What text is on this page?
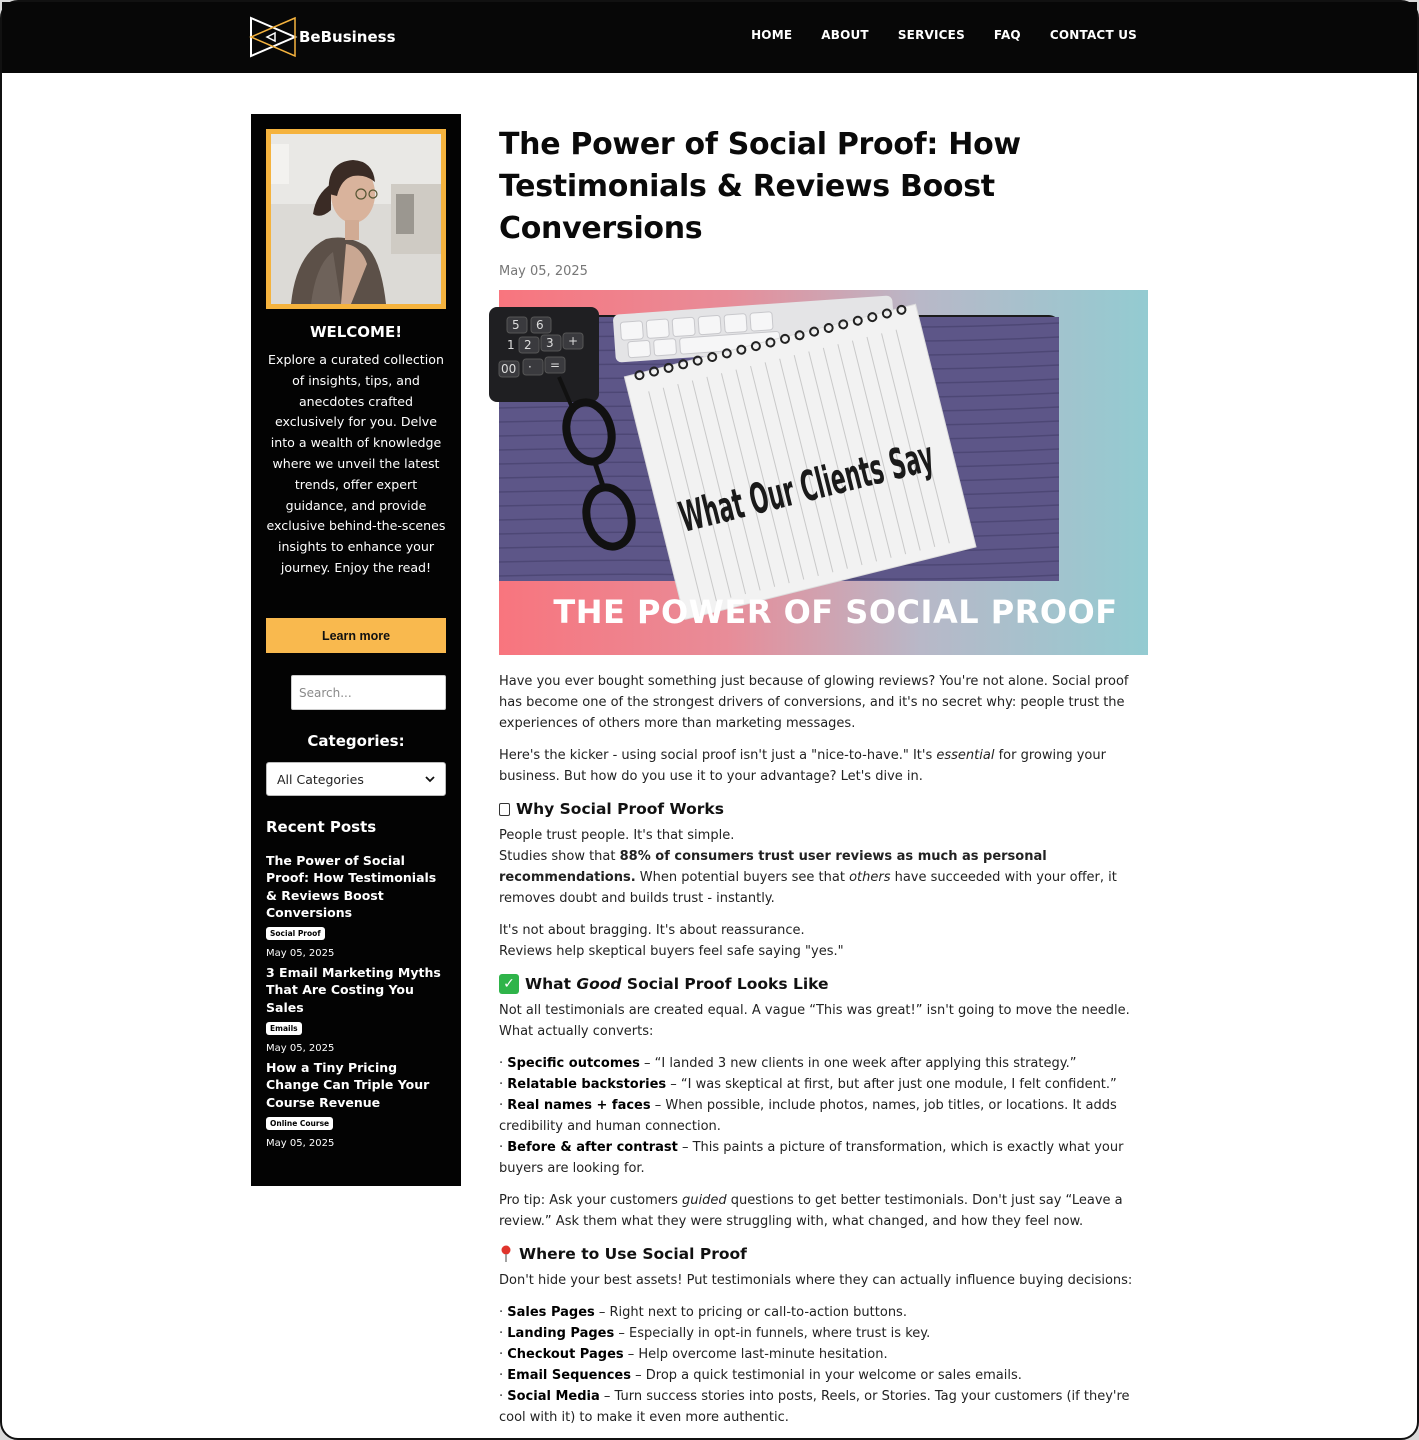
BeBusiness	HOME ABOUT SERVICES FAQ CONTACT US
WELCOME!
Explore a curated collection of insights, tips, and anecdotes crafted exclusively for you. Delve into a wealth of knowledge where we unveil the latest trends, offer expert guidance, and provide exclusive behind-the-scenes insights to enhance your journey. Enjoy the read!
Learn more
Search...
Categories:
All Categories
Recent Posts
The Power of Social Proof: How Testimonials & Reviews Boost Conversions
Social Proof
May 05, 2025
3 Email Marketing Myths That Are Costing You Sales
Emails
May 05, 2025
How a Tiny Pricing Change Can Triple Your Course Revenue
Online Course
May 05, 2025
The Power of Social Proof: How Testimonials & Reviews Boost Conversions
May 05, 2025
5 6
1 2 3 +
00 · =
What Our Clients Say
THE POWER OF SOCIAL PROOF

Have you ever bought something just because of glowing reviews? You're not alone. Social proof has become one of the strongest drivers of conversions, and it's no secret why: people trust the experiences of others more than marketing messages.

Here's the kicker - using social proof isn't just a "nice-to-have." It's essential for growing your business. But how do you use it to your advantage? Let's dive in.

Why Social Proof Works

People trust people. It's that simple.
Studies show that 88% of consumers trust user reviews as much as personal recommendations. When potential buyers see that others have succeeded with your offer, it removes doubt and builds trust - instantly.

It's not about bragging. It's about reassurance.
Reviews help skeptical buyers feel safe saying "yes."

✓ What Good Social Proof Looks Like

Not all testimonials are created equal. A vague “This was great!” isn't going to move the needle. What actually converts:

· Specific outcomes – “I landed 3 new clients in one week after applying this strategy.”
· Relatable backstories – “I was skeptical at first, but after just one module, I felt confident.”
· Real names + faces – When possible, include photos, names, job titles, or locations. It adds credibility and human connection.
· Before & after contrast – This paints a picture of transformation, which is exactly what your buyers are looking for.

Pro tip: Ask your customers guided questions to get better testimonials. Don't just say “Leave a review.” Ask them what they were struggling with, what changed, and how they feel now.

Where to Use Social Proof

Don't hide your best assets! Put testimonials where they can actually influence buying decisions:

· Sales Pages – Right next to pricing or call-to-action buttons.
· Landing Pages – Especially in opt-in funnels, where trust is key.
· Checkout Pages – Help overcome last-minute hesitation.
· Email Sequences – Drop a quick testimonial in your welcome or sales emails.
· Social Media – Turn success stories into posts, Reels, or Stories. Tag your customers (if they're cool with it) to make it even more authentic.
